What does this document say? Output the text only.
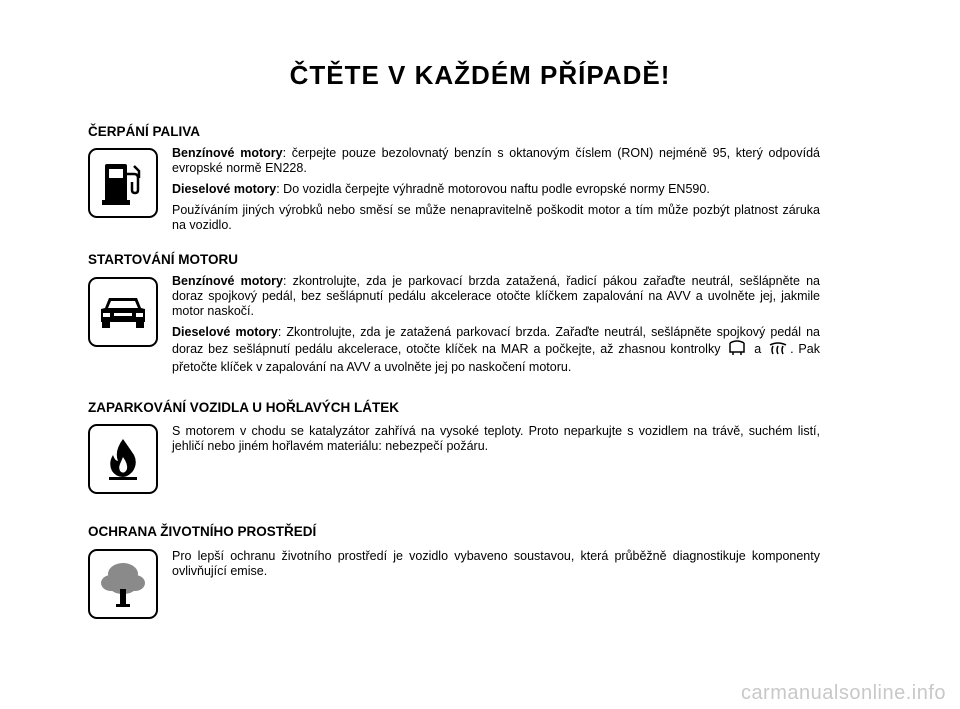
ČTĚTE V KAŽDÉM PŘÍPADĚ!
ČERPÁNÍ PALIVA

Benzínové motory: čerpejte pouze bezolovnatý benzín s oktanovým číslem (RON) nejméně 95, který odpovídá evropské normě EN228.

Dieselové motory: Do vozidla čerpejte výhradně motorovou naftu podle evropské normy EN590.

Používáním jiných výrobků nebo směsí se může nenapravitelně poškodit motor a tím může pozbýt platnost záruka na vozidlo.

STARTOVÁNÍ MOTORU

Benzínové motory: zkontrolujte, zda je parkovací brzda zatažená, řadicí pákou zařaďte neutrál, sešlápněte na doraz spojkový pedál, bez sešlápnutí pedálu akcelerace otočte klíčkem zapalování na AVV a uvolněte jej, jakmile motor naskočí.

Dieselové motory: Zkontrolujte, zda je zatažená parkovací brzda. Zařaďte neutrál, sešlápněte spojkový pedál na doraz bez sešlápnutí pedálu akcelerace, otočte klíček na MAR a počkejte, až zhasnou kontrolky	a . Pak přetočte klíček v zapalování na AVV a uvolněte jej po naskočení motoru.

ZAPARKOVÁNÍ VOZIDLA U HOŘLAVÝCH LÁTEK

S motorem v chodu se katalyzátor zahřívá na vysoké teploty. Proto neparkujte s vozidlem na trávě, suchém listí, jehličí nebo jiném hořlavém materiálu: nebezpečí požáru.

OCHRANA ŽIVOTNÍHO PROSTŘEDÍ

Pro lepší ochranu životního prostředí je vozidlo vybaveno soustavou, která průběžně diagnostikuje komponenty ovlivňující emise.

carmanualsonline.info
